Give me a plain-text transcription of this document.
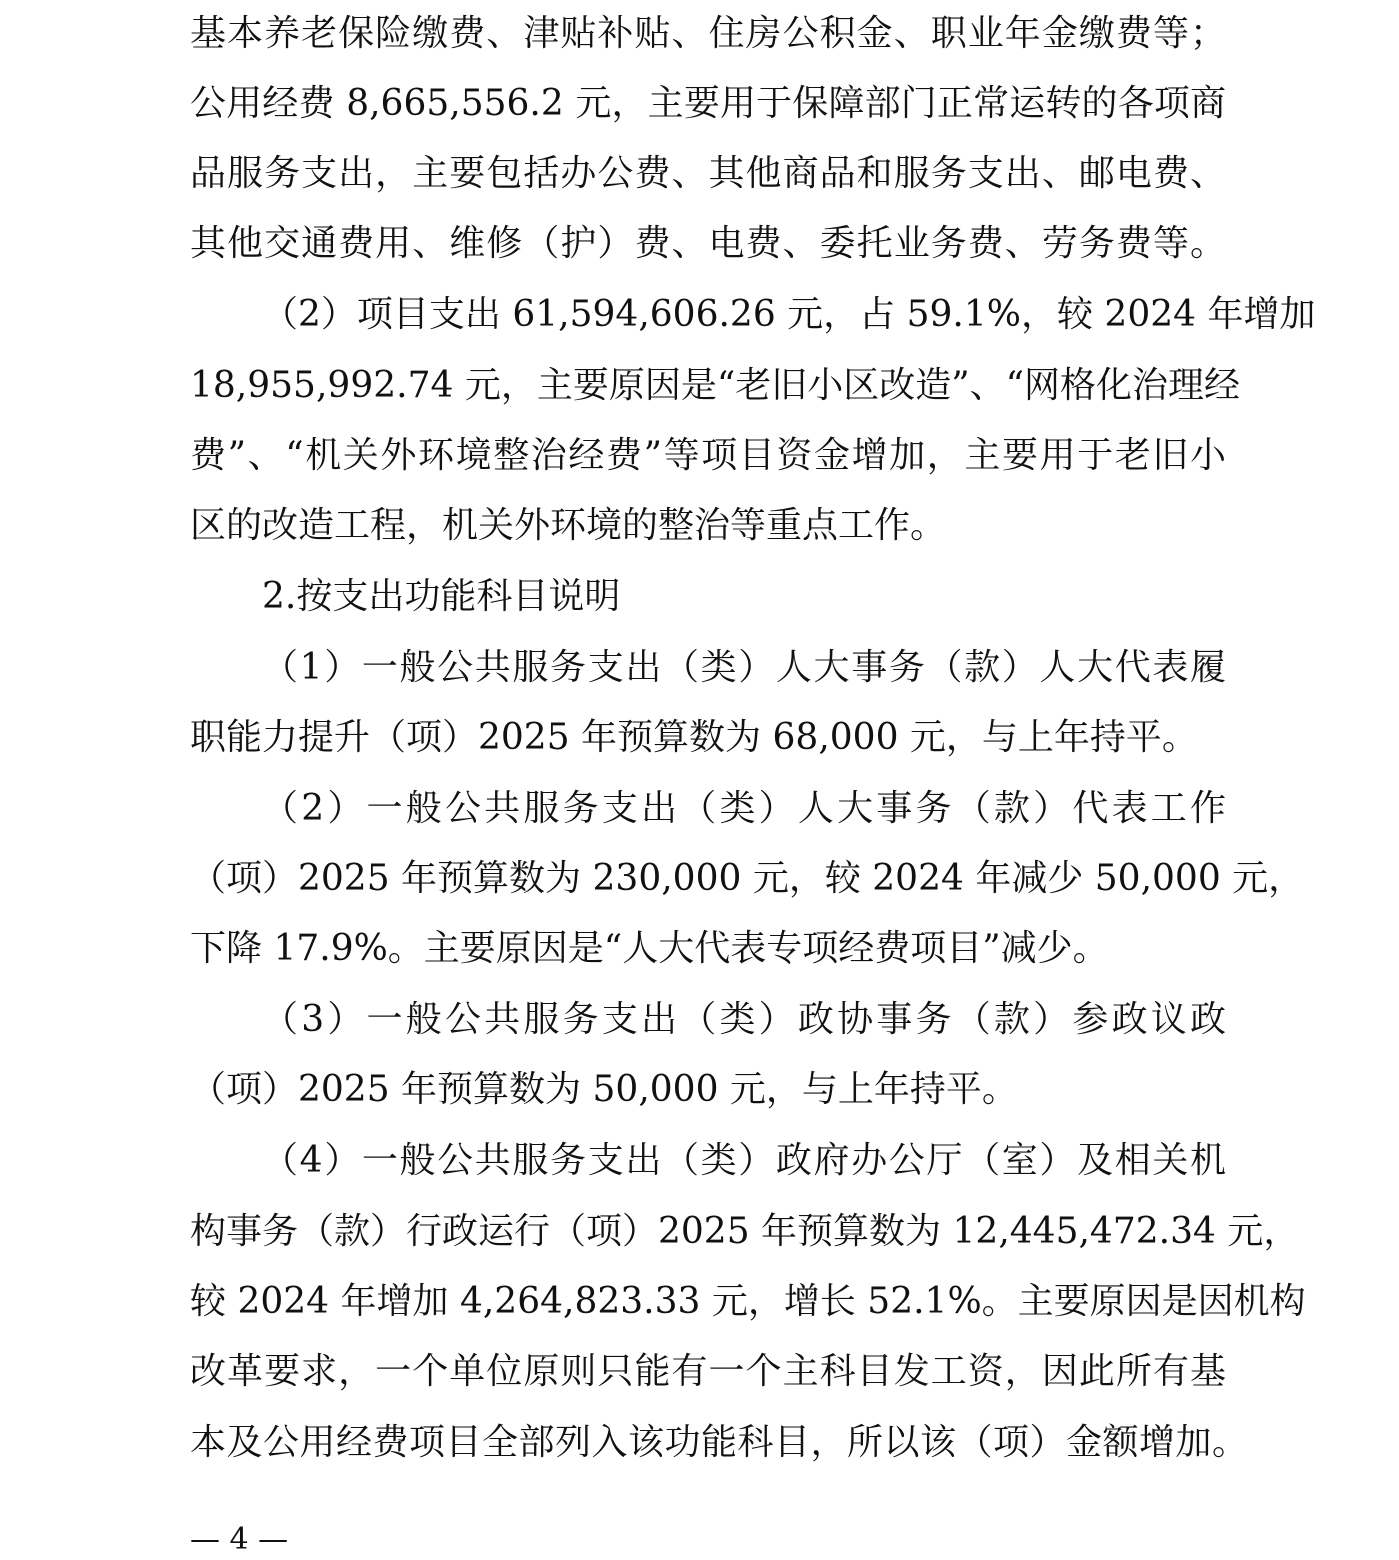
基本养老保险缴费、津贴补贴、住房公积金、职业年金缴费等；
公用经费 8,665,556.2 元，主要用于保障部门正常运转的各项商
品服务支出，主要包括办公费、其他商品和服务支出、邮电费、
其他交通费用、维修（护）费、电费、委托业务费、劳务费等。
（2）项目支出 61,594,606.26 元，占 59.1%，较 2024 年增加
18,955,992.74 元，主要原因是“老旧小区改造”、“网格化治理经
费”、“机关外环境整治经费”等项目资金增加，主要用于老旧小
区的改造工程，机关外环境的整治等重点工作。
2.按支出功能科目说明
（1）一般公共服务支出（类）人大事务（款）人大代表履
职能力提升（项）2025 年预算数为 68,000 元，与上年持平。
（2）一般公共服务支出（类）人大事务（款）代表工作
（项）2025 年预算数为 230,000 元，较 2024 年减少 50,000 元，
下降 17.9%。主要原因是“人大代表专项经费项目”减少。
（3）一般公共服务支出（类）政协事务（款）参政议政
（项）2025 年预算数为 50,000 元，与上年持平。
（4）一般公共服务支出（类）政府办公厅（室）及相关机
构事务（款）行政运行（项）2025 年预算数为 12,445,472.34 元，
较 2024 年增加 4,264,823.33 元，增长 52.1%。主要原因是因机构
改革要求，一个单位原则只能有一个主科目发工资，因此所有基
本及公用经费项目全部列入该功能科目，所以该（项）金额增加。
— 4 —
